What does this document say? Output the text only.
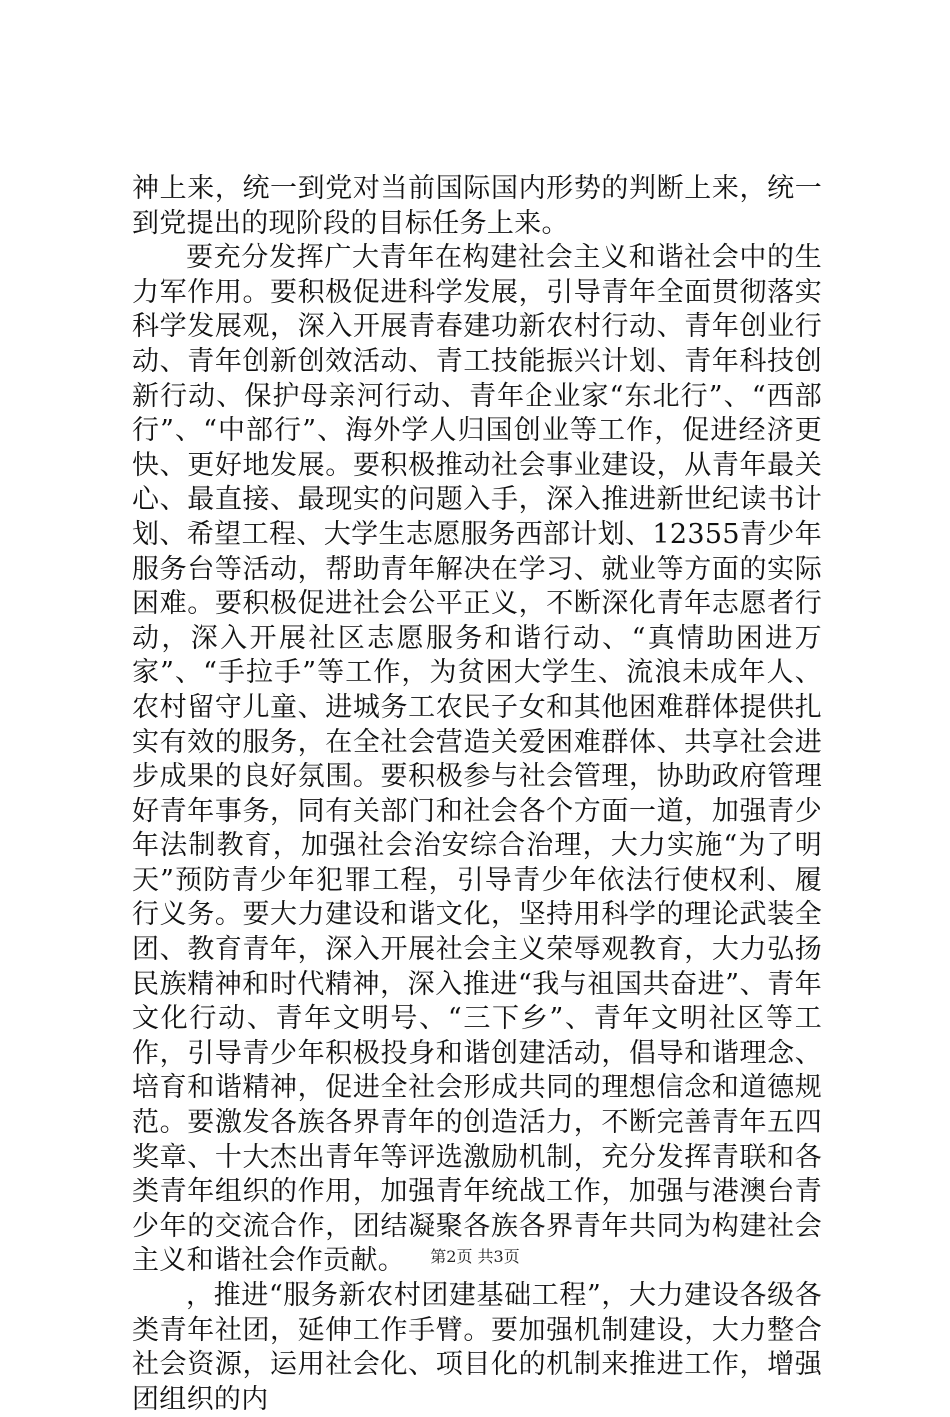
神上来，统一到党对当前国际国内形势的判断上来，统一到党提出的现阶段的目标任务上来。

要充分发挥广大青年在构建社会主义和谐社会中的生力军作用。要积极促进科学发展，引导青年全面贯彻落实科学发展观，深入开展青春建功新农村行动、青年创业行动、青年创新创效活动、青工技能振兴计划、青年科技创新行动、保护母亲河行动、青年企业家“东北行”、“西部行”、“中部行”、海外学人归国创业等工作，促进经济更快、更好地发展。要积极推动社会事业建设，从青年最关心、最直接、最现实的问题入手，深入推进新世纪读书计划、希望工程、大学生志愿服务西部计划、12355青少年服务台等活动，帮助青年解决在学习、就业等方面的实际困难。要积极促进社会公平正义，不断深化青年志愿者行动，深入开展社区志愿服务和谐行动、“真情助困进万家”、“手拉手”等工作，为贫困大学生、流浪未成年人、农村留守儿童、进城务工农民子女和其他困难群体提供扎实有效的服务，在全社会营造关爱困难群体、共享社会进步成果的良好氛围。要积极参与社会管理，协助政府管理好青年事务，同有关部门和社会各个方面一道，加强青少年法制教育，加强社会治安综合治理，大力实施“为了明天”预防青少年犯罪工程，引导青少年依法行使权利、履行义务。要大力建设和谐文化，坚持用科学的理论武装全团、教育青年，深入开展社会主义荣辱观教育，大力弘扬民族精神和时代精神，深入推进“我与祖国共奋进”、青年文化行动、青年文明号、“三下乡”、青年文明社区等工作，引导青少年积极投身和谐创建活动，倡导和谐理念、培育和谐精神，促进全社会形成共同的理想信念和道德规范。要激发各族各界青年的创造活力，不断完善青年五四奖章、十大杰出青年等评选激励机制，充分发挥青联和各类青年组织的作用，加强青年统战工作，加强与港澳台青少年的交流合作，团结凝聚各族各界青年共同为构建社会主义和谐社会作贡献。

，推进“服务新农村团建基础工程”，大力建设各级各类青年社团，延伸工作手臂。要加强机制建设，大力整合社会资源，运用社会化、项目化的机制来推进工作，增强团组织的内

第2页 共3页
